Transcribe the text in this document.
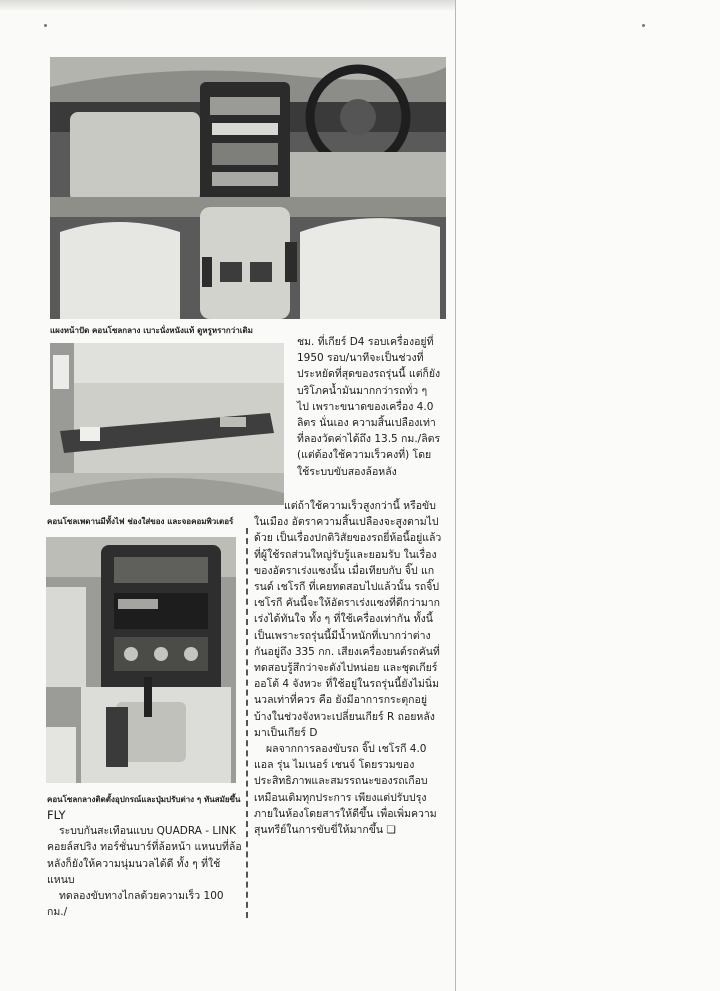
แผงหน้าปัด คอนโซลกลาง เบาะนั่งหนังแท้ ดูหรูหรากว่าเดิม
คอนโซลเพดานมีทั้งไฟ ช่องใส่ของ และจอคอมพิวเตอร์
คอนโซลกลางติดตั้งอุปกรณ์และปุ่มปรับต่าง ๆ ทันสมัยขึ้น

FLY

ระบบกันสะเทือนแบบ QUADRA - LINK คอยล์สปริง ทอร์ชั่นบาร์ที่ล้อหน้า แหนบที่ล้อหลังก็ยังให้ความนุ่มนวลได้ดี ทั้ง ๆ ที่ใช้แหนบ

ทดลองขับทางไกลด้วยความเร็ว 100 กม./

ชม. ที่เกียร์ D4 รอบเครื่องอยู่ที่ 1950 รอบ/นาทีจะเป็นช่วงที่ประหยัดที่สุดของรถรุ่นนี้ แต่ก็ยังบริโภคน้ำมันมากกว่ารถทั่ว ๆ ไป เพราะขนาดของเครื่อง 4.0 ลิตร นั่นเอง ความสิ้นเปลืองเท่าที่ลองวัดค่าได้ถึง 13.5 กม./ลิตร (แต่ต้องใช้ความเร็วคงที่) โดยใช้ระบบขับสองล้อหลัง

แต่ถ้าใช้ความเร็วสูงกว่านี้ หรือขับในเมือง อัตราความสิ้นเปลืองจะสูงตามไปด้วย เป็นเรื่องปกติวิสัยของรถยี่ห้อนี้อยู่แล้วที่ผู้ใช้รถส่วนใหญ่รับรู้และยอมรับ ในเรื่องของอัตราเร่งแซงนั้น เมื่อเทียบกับ จิ๊ป แกรนด์ เชโรกี ที่เคยทดสอบไปแล้วนั้น รถจิ๊ป เชโรกี คันนี้จะให้อัตราเร่งแซงที่ดีกว่ามาก เร่งได้ทันใจ ทั้ง ๆ ที่ใช้เครื่องเท่ากัน ทั้งนี้เป็นเพราะรถรุ่นนี้มีน้ำหนักที่เบากว่าต่างกันอยู่ถึง 335 กก. เสียงเครื่องยนต์รถคันที่ทดสอบรู้สึกว่าจะดังไปหน่อย และชุดเกียร์ ออโต้ 4 จังหวะ ที่ใช้อยู่ในรถรุ่นนี้ยังไม่นิ่มนวลเท่าที่ควร คือ ยังมีอาการกระตุกอยู่บ้างในช่วงจังหวะเปลี่ยนเกียร์ R ถอยหลัง มาเป็นเกียร์ D

ผลจากการลองขับรถ จิ๊ป เชโรกี 4.0 แอล รุ่น ไมเนอร์ เชนจ์ โดยรวมของประสิทธิภาพและสมรรถนะของรถเกือบเหมือนเดิมทุกประการ เพียงแต่ปรับปรุงภายในห้องโดยสารให้ดีขึ้น เพื่อเพิ่มความสุนทรีย์ในการขับขี่ให้มากขึ้น ❏
